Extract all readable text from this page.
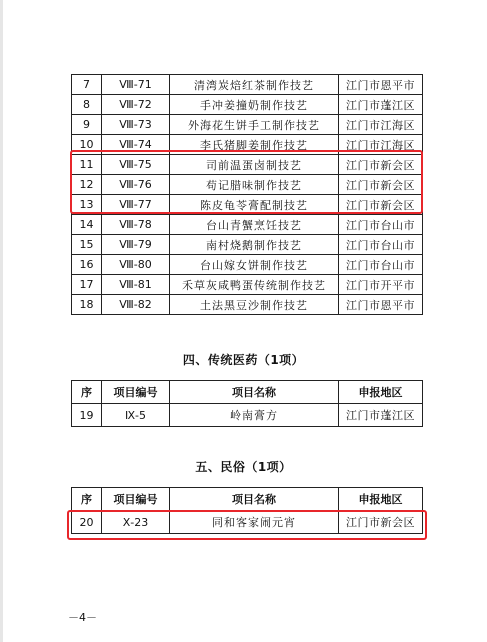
7	Ⅷ-71	清湾炭焙红茶制作技艺	江门市恩平市
8	Ⅷ-72	手冲姜撞奶制作技艺	江门市蓬江区
9	Ⅷ-73	外海花生饼手工制作技艺	江门市江海区
10	Ⅷ-74	李氏猪脚姜制作技艺	江门市江海区
11	Ⅷ-75	司前温蛋卤制技艺	江门市新会区
12	Ⅷ-76	苟记腊味制作技艺	江门市新会区
13	Ⅷ-77	陈皮龟苓膏配制技艺	江门市新会区
14	Ⅷ-78	台山青蟹烹饪技艺	江门市台山市
15	Ⅷ-79	南村烧鹅制作技艺	江门市台山市
16	Ⅷ-80	台山嫁女饼制作技艺	江门市台山市
17	Ⅷ-81	禾草灰咸鸭蛋传统制作技艺	江门市开平市
18	Ⅷ-82	土法黑豆沙制作技艺	江门市恩平市
四、传统医药（1项）
序	项目编号	项目名称	申报地区
19	Ⅸ-5	岭南膏方	江门市蓬江区
五、民俗（1项）
序	项目编号	项目名称	申报地区
20	Ⅹ-23	同和客家闹元宵	江门市新会区
－4－
